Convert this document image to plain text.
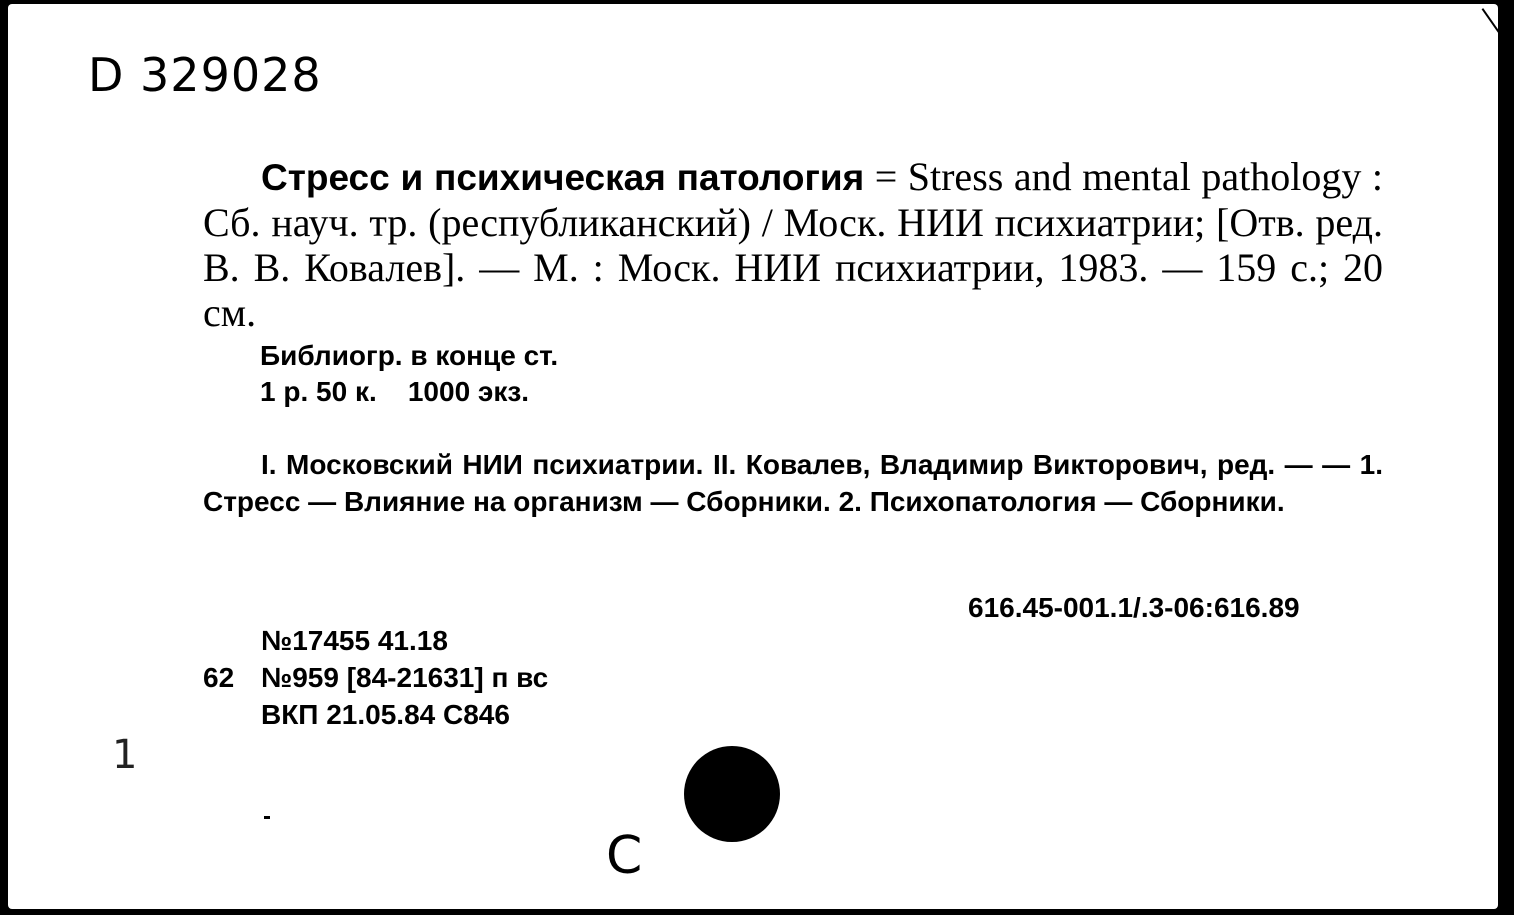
D 329028
Стресс и психическая патология = Stress and mental pathology : Сб. науч. тр. (республиканский) / Моск. НИИ психиатрии; [Отв. ред. В. В. Ковалев]. — М. : Моск. НИИ психиатрии, 1983. — 159 с.; 20 см.
Библиогр. в конце ст.
1 р. 50 к.    1000 экз.
I. Московский НИИ психиатрии. II. Ковалев, Владимир Викторович, ред. — — 1. Стресс — Влияние на организм — Сборники. 2. Психопатология — Сборники.
616.45-001.1/.3-06:616.89
№17455 41.18
62 №959 [84-21631] п вс
ВКП 21.05.84 С846
1
С
